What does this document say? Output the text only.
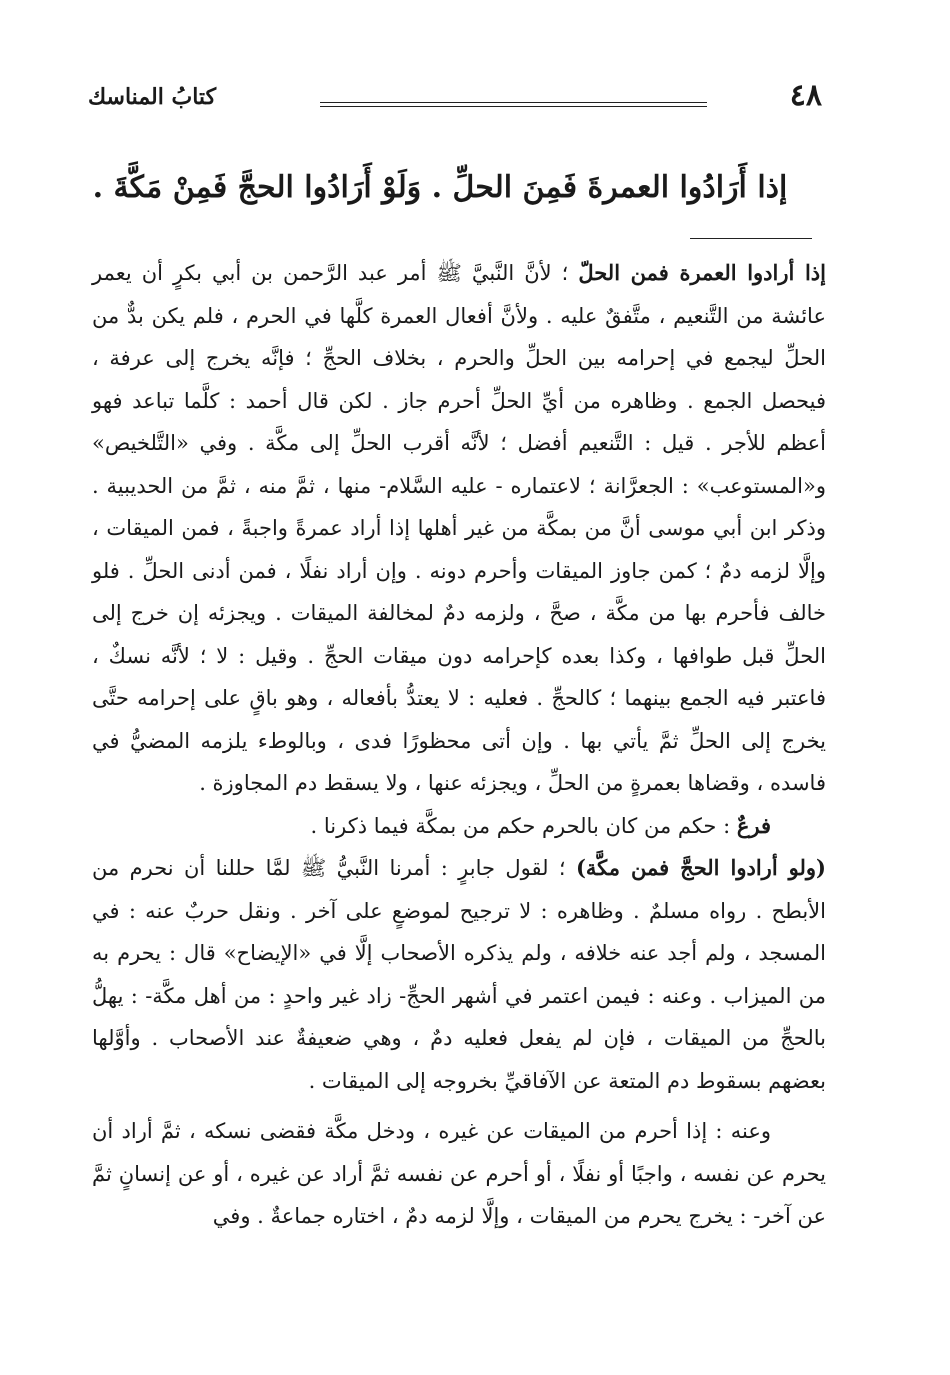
٤٨
كتابُ المناسك
إذا أَرَادُوا العمرةَ فَمِنَ الحلِّ . وَلَوْ أَرَادُوا الحجَّ فَمِنْ مَكَّةَ .

إذا أرادوا العمرة فمن الحلّ ؛ لأنَّ النَّبيَّ ﷺ أمر عبد الرَّحمن بن أبي بكرٍ أن يعمر عائشة من التَّنعيم ، متَّفقٌ عليه . ولأنَّ أفعال العمرة كلَّها في الحرم ، فلم يكن بدٌّ من الحلِّ ليجمع في إحرامه بين الحلِّ والحرم ، بخلاف الحجِّ ؛ فإنَّه يخرج إلى عرفة ، فيحصل الجمع . وظاهره من أيِّ الحلِّ أحرم جاز . لكن قال أحمد : كلَّما تباعد فهو أعظم للأجر . قيل : التَّنعيم أفضل ؛ لأنَّه أقرب الحلِّ إلى مكَّة . وفي «التَّلخيص» و«المستوعب» : الجعرَّانة ؛ لاعتماره - عليه السَّلام- منها ، ثمَّ منه ، ثمَّ من الحديبية . وذكر ابن أبي موسى أنَّ من بمكَّة من غير أهلها إذا أراد عمرةً واجبةً ، فمن الميقات ، وإلَّا لزمه دمٌ ؛ كمن جاوز الميقات وأحرم دونه . وإن أراد نفلًا ، فمن أدنى الحلِّ . فلو خالف فأحرم بها من مكَّة ، صحَّ ، ولزمه دمٌ لمخالفة الميقات . ويجزئه إن خرج إلى الحلِّ قبل طوافها ، وكذا بعده كإحرامه دون ميقات الحجِّ . وقيل : لا ؛ لأنَّه نسكٌ ، فاعتبر فيه الجمع بينهما ؛ كالحجِّ . فعليه : لا يعتدُّ بأفعاله ، وهو باقٍ على إحرامه حتَّى يخرج إلى الحلِّ ثمَّ يأتي بها . وإن أتى محظورًا فدى ، وبالوطء يلزمه المضيُّ في فاسده ، وقضاها بعمرةٍ من الحلِّ ، ويجزئه عنها ، ولا يسقط دم المجاوزة .

فرعٌ : حكم من كان بالحرم حكم من بمكَّة فيما ذكرنا .

(ولو أرادوا الحجَّ فمن مكَّة) ؛ لقول جابرٍ : أمرنا النَّبيُّ ﷺ لمَّا حللنا أن نحرم من الأبطح . رواه مسلمٌ . وظاهره : لا ترجيح لموضعٍ على آخر . ونقل حربٌ عنه : في المسجد ، ولم أجد عنه خلافه ، ولم يذكره الأصحاب إلَّا في «الإيضاح» قال : يحرم به من الميزاب . وعنه : فيمن اعتمر في أشهر الحجِّ- زاد غير واحدٍ : من أهل مكَّة- : يهلُّ بالحجِّ من الميقات ، فإن لم يفعل فعليه دمٌ ، وهي ضعيفةٌ عند الأصحاب . وأوَّلها بعضهم بسقوط دم المتعة عن الآفاقيِّ بخروجه إلى الميقات .

وعنه : إذا أحرم من الميقات عن غيره ، ودخل مكَّة فقضى نسكه ، ثمَّ أراد أن يحرم عن نفسه ، واجبًا أو نفلًا ، أو أحرم عن نفسه ثمَّ أراد عن غيره ، أو عن إنسانٍ ثمَّ عن آخر- : يخرج يحرم من الميقات ، وإلَّا لزمه دمٌ ، اختاره جماعةٌ . وفي
